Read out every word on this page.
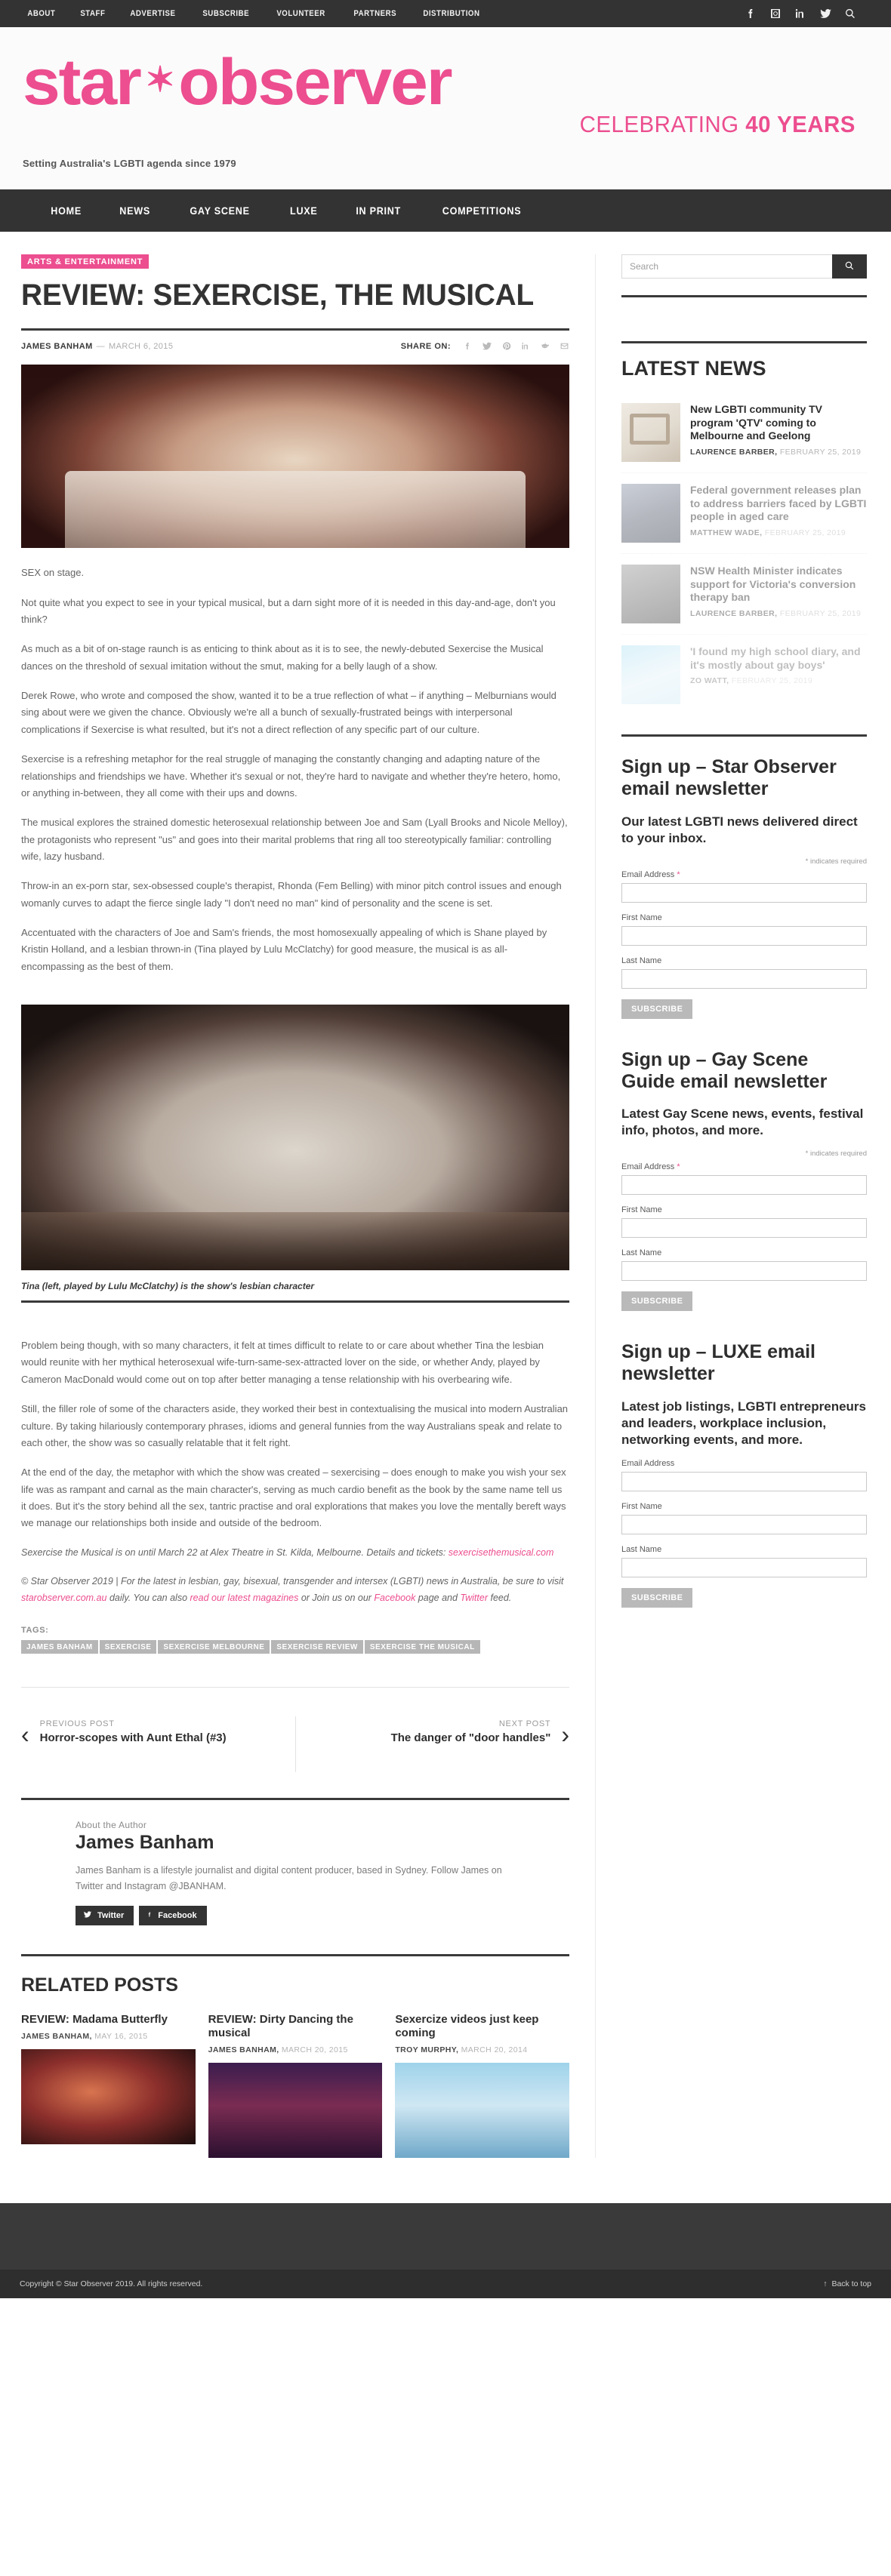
ABOUT	STAFF	ADVERTISE	SUBSCRIBE	VOLUNTEER	PARTNERS	DISTRIBUTION
star ✶observer
CELEBRATING 40 YEARS
Setting Australia's LGBTI agenda since 1979
HOME	NEWS	GAY SCENE	LUXE	IN PRINT	COMPETITIONS
ARTS & ENTERTAINMENT
REVIEW: SEXERCISE, THE MUSICAL
JAMES BANHAM — MARCH 6, 2015	SHARE ON:

SEX on stage.

Not quite what you expect to see in your typical musical, but a darn sight more of it is needed in this day-and-age, don't you think?

As much as a bit of on-stage raunch is as enticing to think about as it is to see, the newly-debuted Sexercise the Musical dances on the threshold of sexual imitation without the smut, making for a belly laugh of a show.

Derek Rowe, who wrote and composed the show, wanted it to be a true reflection of what – if anything – Melburnians would sing about were we given the chance. Obviously we're all a bunch of sexually-frustrated beings with interpersonal complications if Sexercise is what resulted, but it's not a direct reflection of any specific part of our culture.

Sexercise is a refreshing metaphor for the real struggle of managing the constantly changing and adapting nature of the relationships and friendships we have. Whether it's sexual or not, they're hard to navigate and whether they're hetero, homo, or anything in-between, they all come with their ups and downs.

The musical explores the strained domestic heterosexual relationship between Joe and Sam (Lyall Brooks and Nicole Melloy), the protagonists who represent "us" and goes into their marital problems that ring all too stereotypically familiar: controlling wife, lazy husband.

Throw-in an ex-porn star, sex-obsessed couple's therapist, Rhonda (Fem Belling) with minor pitch control issues and enough womanly curves to adapt the fierce single lady "I don't need no man" kind of personality and the scene is set.

Accentuated with the characters of Joe and Sam's friends, the most homosexually appealing of which is Shane played by Kristin Holland, and a lesbian thrown-in (Tina played by Lulu McClatchy) for good measure, the musical is as all-encompassing as the best of them.

Tina (left, played by Lulu McClatchy) is the show's lesbian character

Problem being though, with so many characters, it felt at times difficult to relate to or care about whether Tina the lesbian would reunite with her mythical heterosexual wife-turn-same-sex-attracted lover on the side, or whether Andy, played by Cameron MacDonald would come out on top after better managing a tense relationship with his overbearing wife.

Still, the filler role of some of the characters aside, they worked their best in contextualising the musical into modern Australian culture. By taking hilariously contemporary phrases, idioms and general funnies from the way Australians speak and relate to each other, the show was so casually relatable that it felt right.

At the end of the day, the metaphor with which the show was created – sexercising – does enough to make you wish your sex life was as rampant and carnal as the main character's, serving as much cardio benefit as the book by the same name tell us it does. But it's the story behind all the sex, tantric practise and oral explorations that makes you love the mentally bereft ways we manage our relationships both inside and outside of the bedroom.

Sexercise the Musical is on until March 22 at Alex Theatre in St. Kilda, Melbourne. Details and tickets: sexercisethemusical.com

© Star Observer 2019 | For the latest in lesbian, gay, bisexual, transgender and intersex (LGBTI) news in Australia, be sure to visit starobserver.com.au daily. You can also read our latest magazines or Join us on our Facebook page and Twitter feed.

TAGS:
JAMES BANHAM	SEXERCISE	SEXERCISE MELBOURNE	SEXERCISE REVIEW	SEXERCISE THE MUSICAL
‹ PREVIOUS POST
Horror-scopes with Aunt Ethal (#3)
NEXT POST
The danger of "door handles" ›
About the Author
James Banham

James Banham is a lifestyle journalist and digital content producer, based in Sydney. Follow James on Twitter and Instagram @JBANHAM.

Twitter	Facebook
RELATED POSTS
REVIEW: Madama Butterfly
JAMES BANHAM, MAY 16, 2015
REVIEW: Dirty Dancing the musical
JAMES BANHAM, MARCH 20, 2015
Sexercize videos just keep coming
TROY MURPHY, MARCH 20, 2014
Search
LATEST NEWS
New LGBTI community TV program 'QTV' coming to Melbourne and Geelong
LAURENCE BARBER, FEBRUARY 25, 2019
Federal government releases plan to address barriers faced by LGBTI people in aged care
MATTHEW WADE, FEBRUARY 25, 2019
NSW Health Minister indicates support for Victoria's conversion therapy ban
LAURENCE BARBER, FEBRUARY 25, 2019
'I found my high school diary, and it's mostly about gay boys'
ZO WATT, FEBRUARY 25, 2019
Sign up – Star Observer email newsletter
Our latest LGBTI news delivered direct to your inbox.
* indicates required
Email Address *
First Name
Last Name
SUBSCRIBE
Sign up – Gay Scene Guide email newsletter
Latest Gay Scene news, events, festival info, photos, and more.
* indicates required
Email Address *
First Name
Last Name
SUBSCRIBE
Sign up – LUXE email newsletter
Latest job listings, LGBTI entrepreneurs and leaders, workplace inclusion, networking events, and more.
Email Address
First Name
Last Name
SUBSCRIBE
Copyright © Star Observer 2019. All rights reserved.	↑ Back to top
